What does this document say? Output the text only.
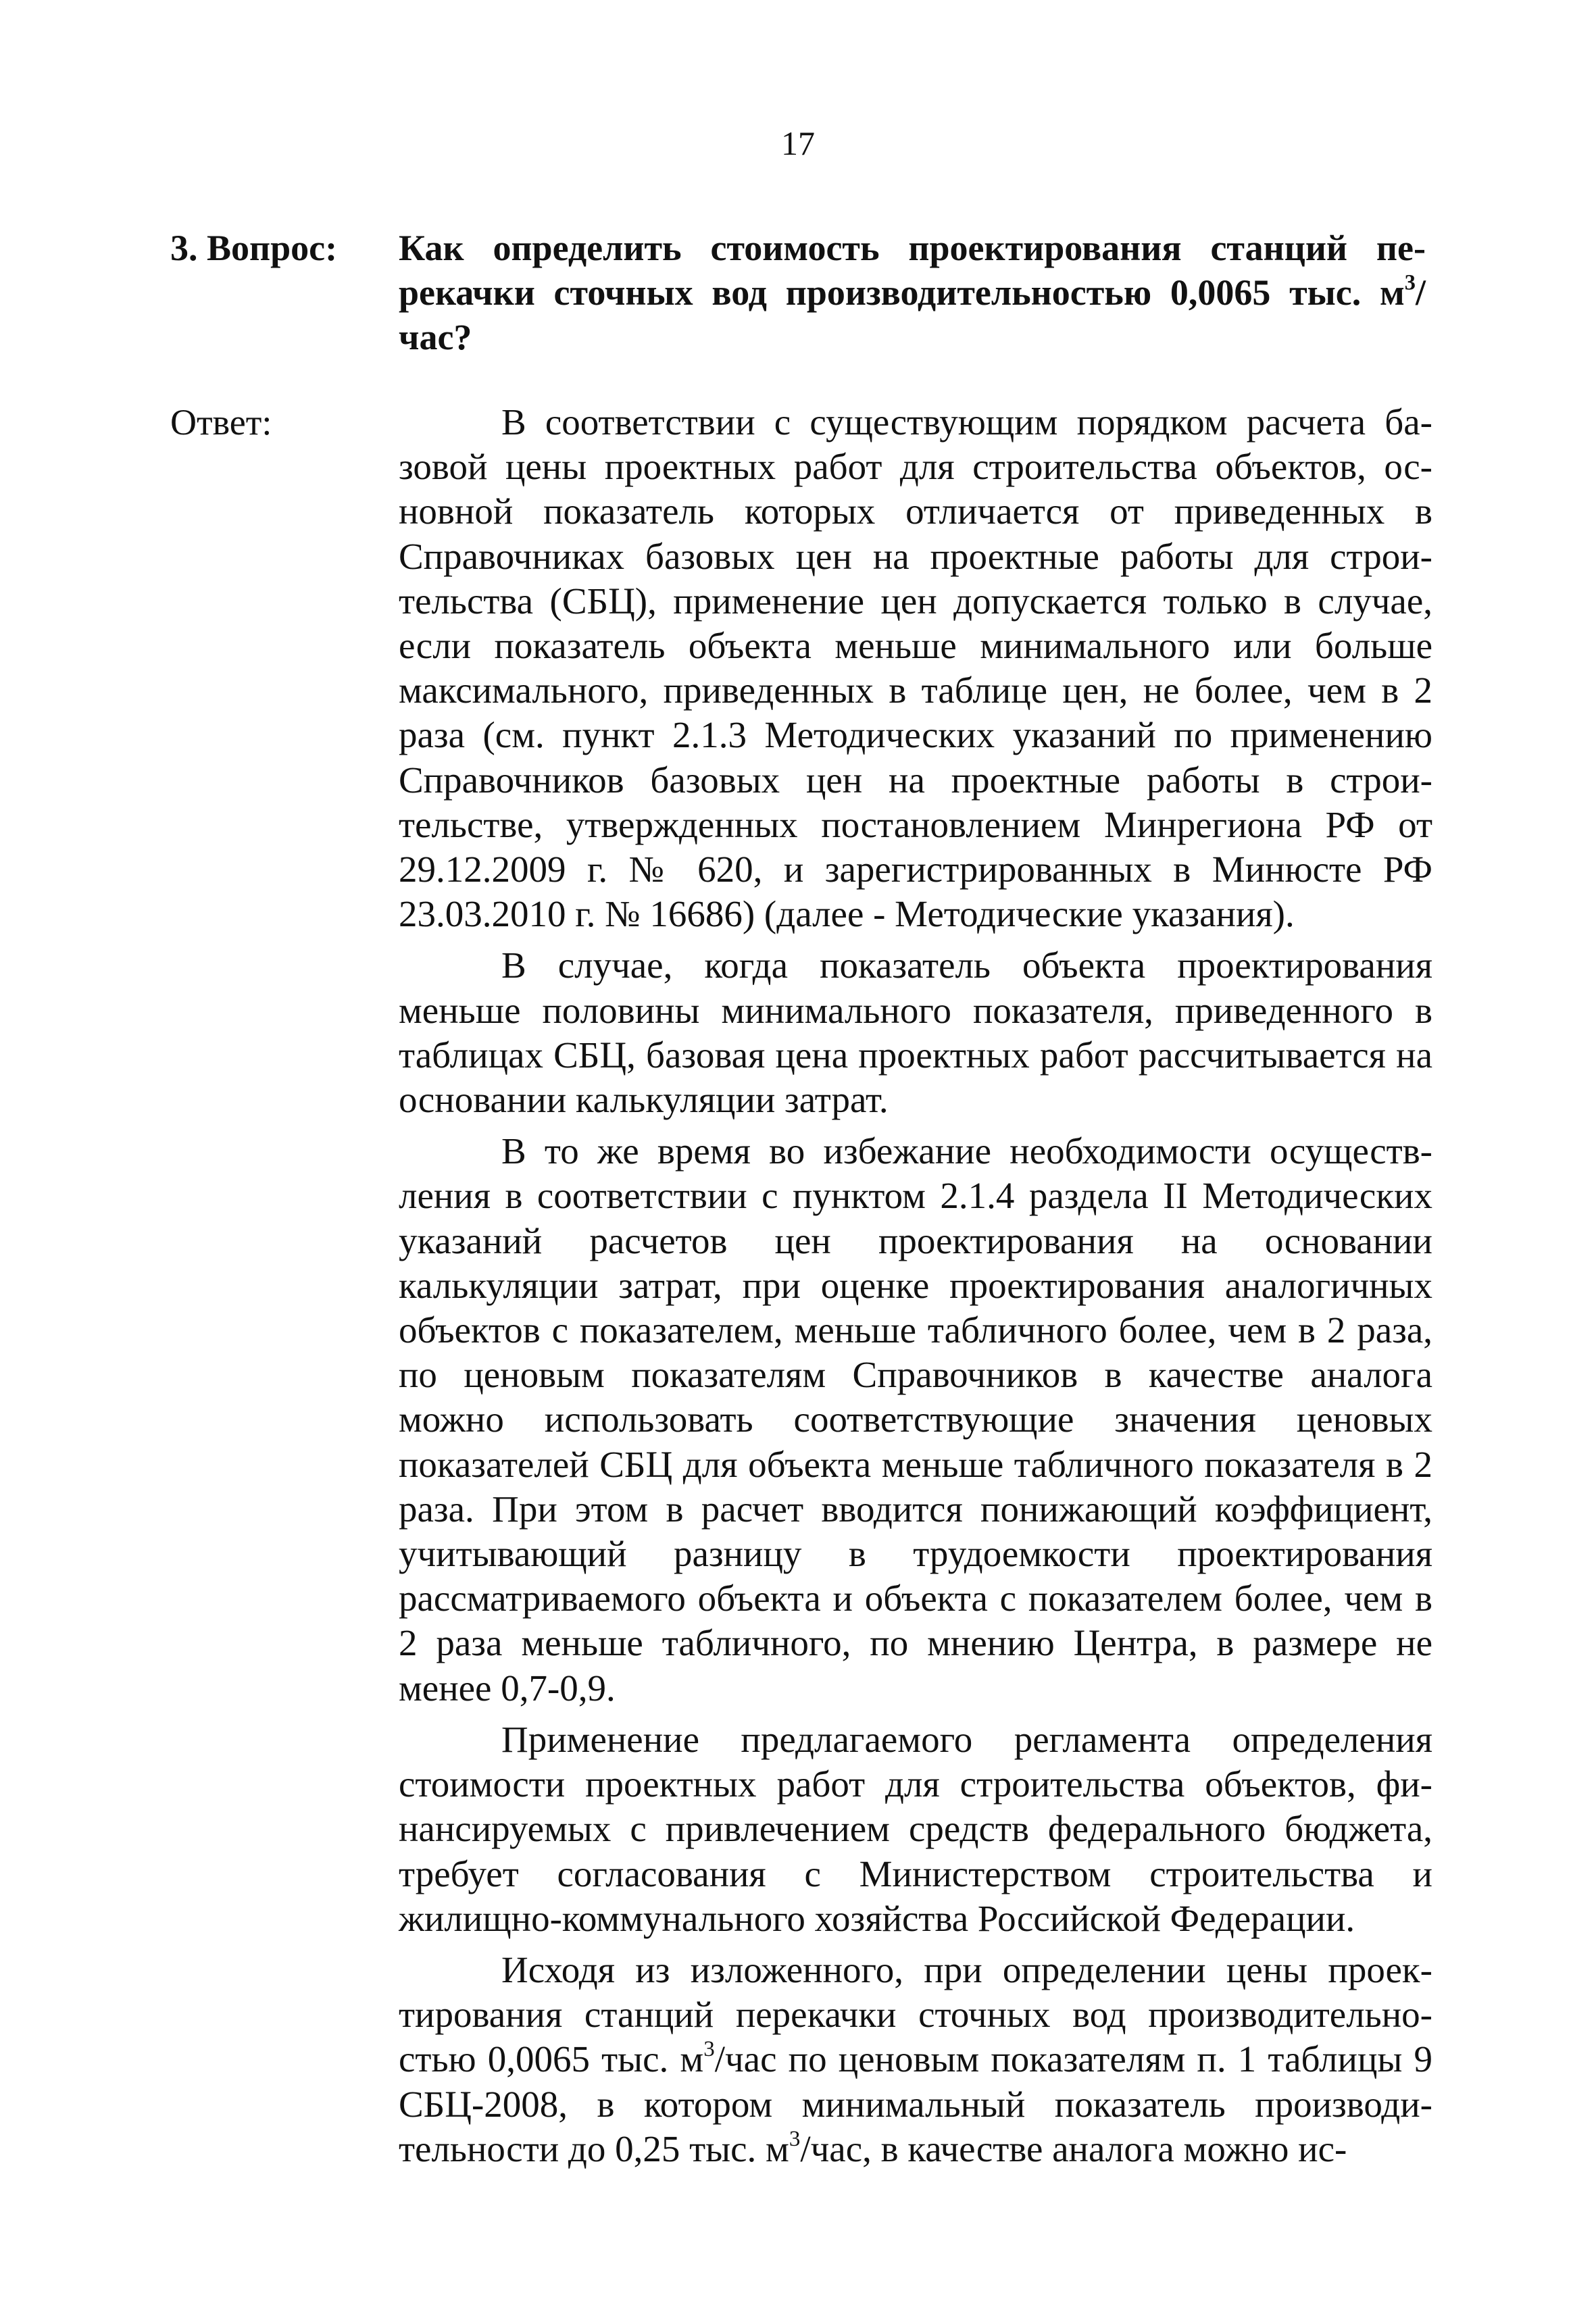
17
3. Вопрос: Как определить стоимость проектирования станций перекачки сточных вод производительностью 0,0065 тыс. $м^3$/час?
Ответ:	В соответствии с существующим порядком расчета базовой цены проектных работ для строительства объектов, основной показатель которых отличается от приведенных в Справочниках базовых цен на проектные работы для строительства (СБЦ), применение цен допускается только в случае, если показатель объекта меньше минимального или больше максимального, приведенных в таблице цен, не более, чем в 2 раза (см. пункт 2.1.3 Методических указаний по применению Справочников базовых цен на проектные работы в строительстве, утвержденных постановлением Минрегиона РФ от 29.12.2009 г. № 620, и зарегистрированных в Минюсте РФ 23.03.2010 г. № 16686) (далее - Методические указания).

В случае, когда показатель объекта проектирования меньше половины минимального показателя, приведенного в таблицах СБЦ, базовая цена проектных работ рассчитывается на основании калькуляции затрат.

В то же время во избежание необходимости осуществления в соответствии с пунктом 2.1.4 раздела II Методических указаний расчетов цен проектирования на основании калькуляции затрат, при оценке проектирования аналогичных объектов с показателем, меньше табличного более, чем в 2 раза, по ценовым показателям Справочников в качестве аналога можно использовать соответствующие значения ценовых показателей СБЦ для объекта меньше табличного показателя в 2 раза. При этом в расчет вводится понижающий коэффициент, учитывающий разницу в трудоемкости проектирования рассматриваемого объекта и объекта с показателем более, чем в 2 раза меньше табличного, по мнению Центра, в размере не менее 0,7-0,9.

Применение предлагаемого регламента определения стоимости проектных работ для строительства объектов, финансируемых с привлечением средств федерального бюджета, требует согласования с Министерством строительства и жилищно-коммунального хозяйства Российской Федерации.

Исходя из изложенного, при определении цены проектирования станций перекачки сточных вод производительностью 0,0065 тыс. $м^3$/час по ценовым показателям п. 1 таблицы 9 СБЦ-2008, в котором минимальный показатель производительности до 0,25 тыс. $м^3$/час, в качестве аналога можно ис-
